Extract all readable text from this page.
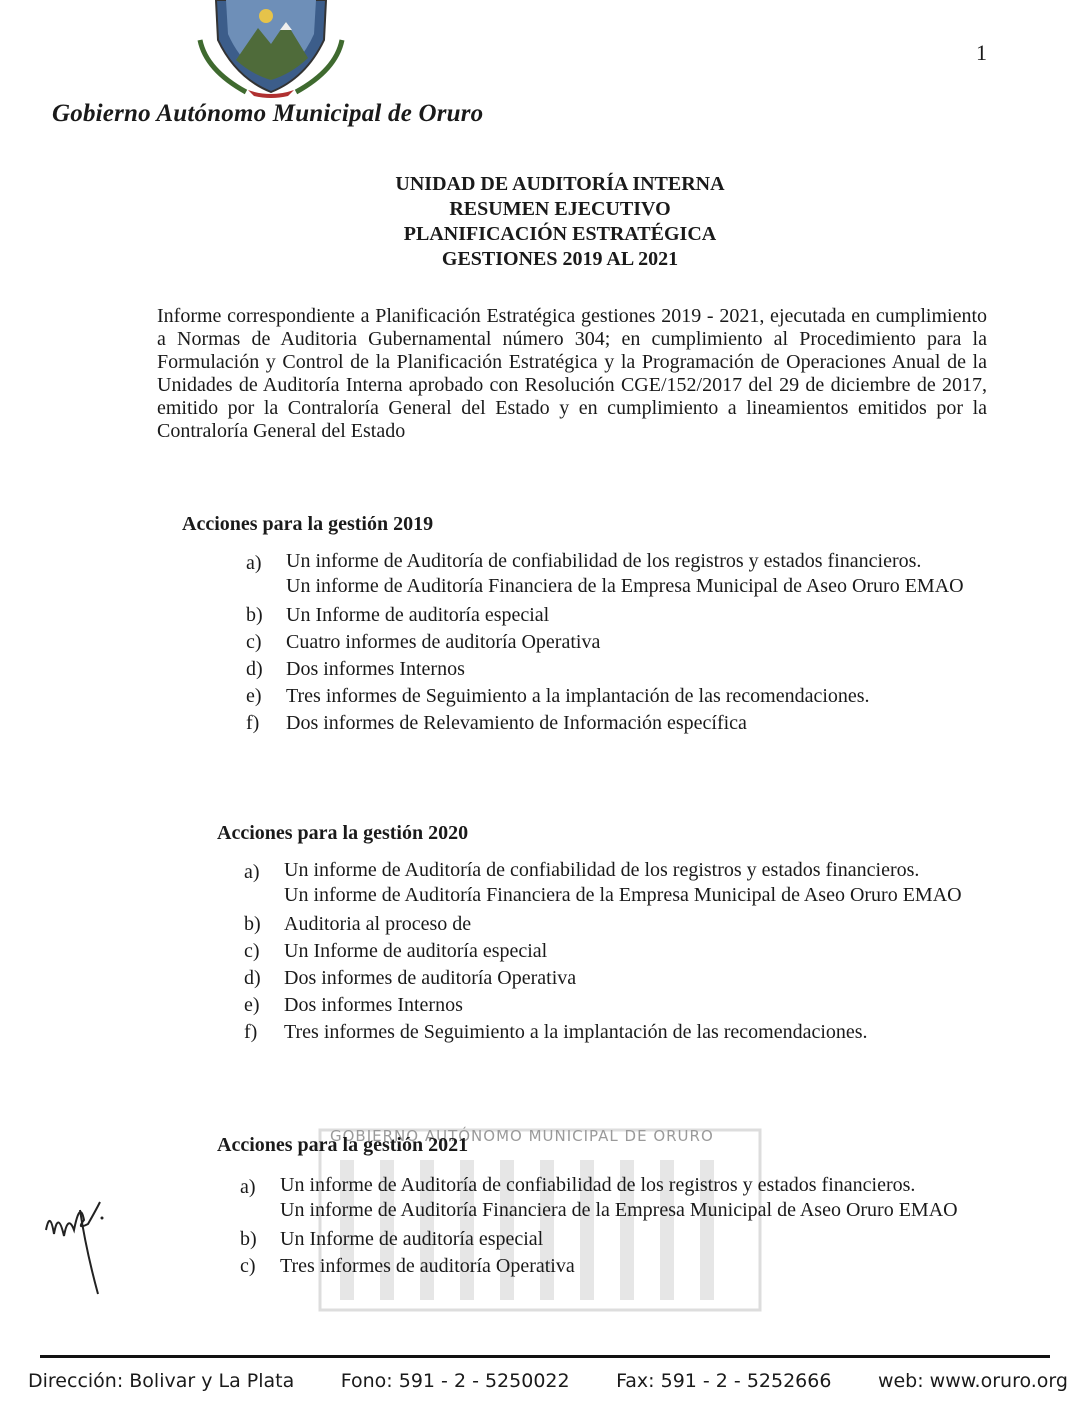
1
Gobierno Autónomo Municipal de Oruro
UNIDAD DE AUDITORÍA INTERNA
RESUMEN EJECUTIVO
PLANIFICACIÓN ESTRATÉGICA
GESTIONES 2019 AL 2021

Informe correspondiente a Planificación Estratégica gestiones 2019 - 2021, ejecutada en cumplimiento a Normas de Auditoria Gubernamental número 304; en cumplimiento al Procedimiento para la Formulación y Control de la Planificación Estratégica y la Programación de Operaciones Anual de la Unidades de Auditoría Interna aprobado con Resolución CGE/152/2017 del 29 de diciembre de 2017, emitido por la Contraloría General del Estado y en cumplimiento a lineamientos emitidos por la Contraloría General del Estado

GOBIERNO AUTÓNOMO MUNICIPAL DE ORURO
Acciones para la gestión 2019
a) Un informe de Auditoría de confiabilidad de los registros y estados financieros.
Un informe de Auditoría Financiera de la Empresa Municipal de Aseo Oruro EMAO
b) Un Informe de auditoría especial
c) Cuatro informes de auditoría Operativa
d) Dos informes Internos
e) Tres informes de Seguimiento a la implantación de las recomendaciones.
f) Dos informes de Relevamiento de Información específica
Acciones para la gestión 2020
a) Un informe de Auditoría de confiabilidad de los registros y estados financieros.
Un informe de Auditoría Financiera de la Empresa Municipal de Aseo Oruro EMAO
b) Auditoria al proceso de
c) Un Informe de auditoría especial
d) Dos informes de auditoría Operativa
e) Dos informes Internos
f) Tres informes de Seguimiento a la implantación de las recomendaciones.
Acciones para la gestión 2021
a) Un informe de Auditoría de confiabilidad de los registros y estados financieros.
Un informe de Auditoría Financiera de la Empresa Municipal de Aseo Oruro EMAO
b) Un Informe de auditoría especial
c) Tres informes de auditoría Operativa
Dirección: Bolivar y La Plata Fono: 591 - 2 - 5250022 Fax: 591 - 2 - 5252666 web: www.oruro.org
